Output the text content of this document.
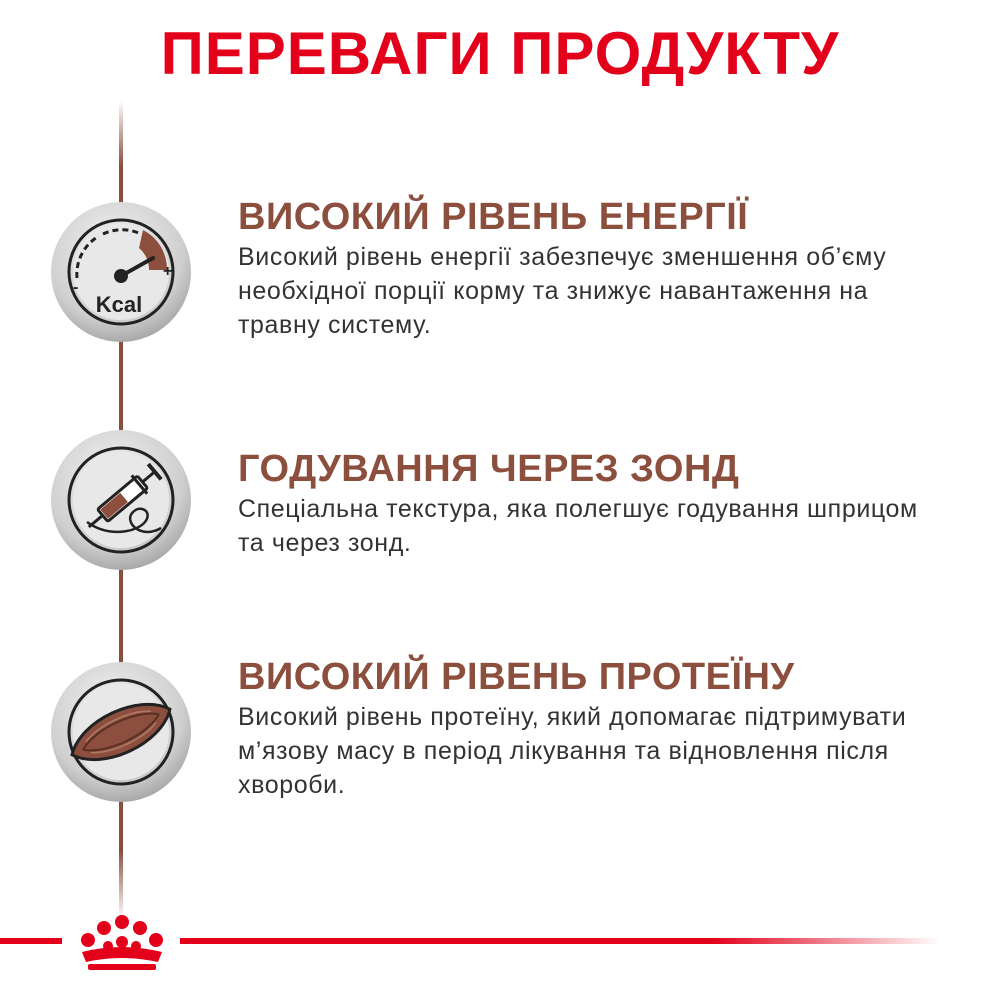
ПЕРЕВАГИ ПРОДУКТУ
-
+
Kcal
ВИСОКИЙ РІВЕНЬ ЕНЕРГІЇ

Високий рівень енергії забезпечує зменшення об’єму
необхідної порції корму та знижує навантаження на
травну систему.

ГОДУВАННЯ ЧЕРЕЗ ЗОНД

Спеціальна текстура, яка полегшує годування шприцом
та через зонд.

ВИСОКИЙ РІВЕНЬ ПРОТЕЇНУ

Високий рівень протеїну, який допомагає підтримувати
м’язову масу в період лікування та відновлення після
хвороби.
